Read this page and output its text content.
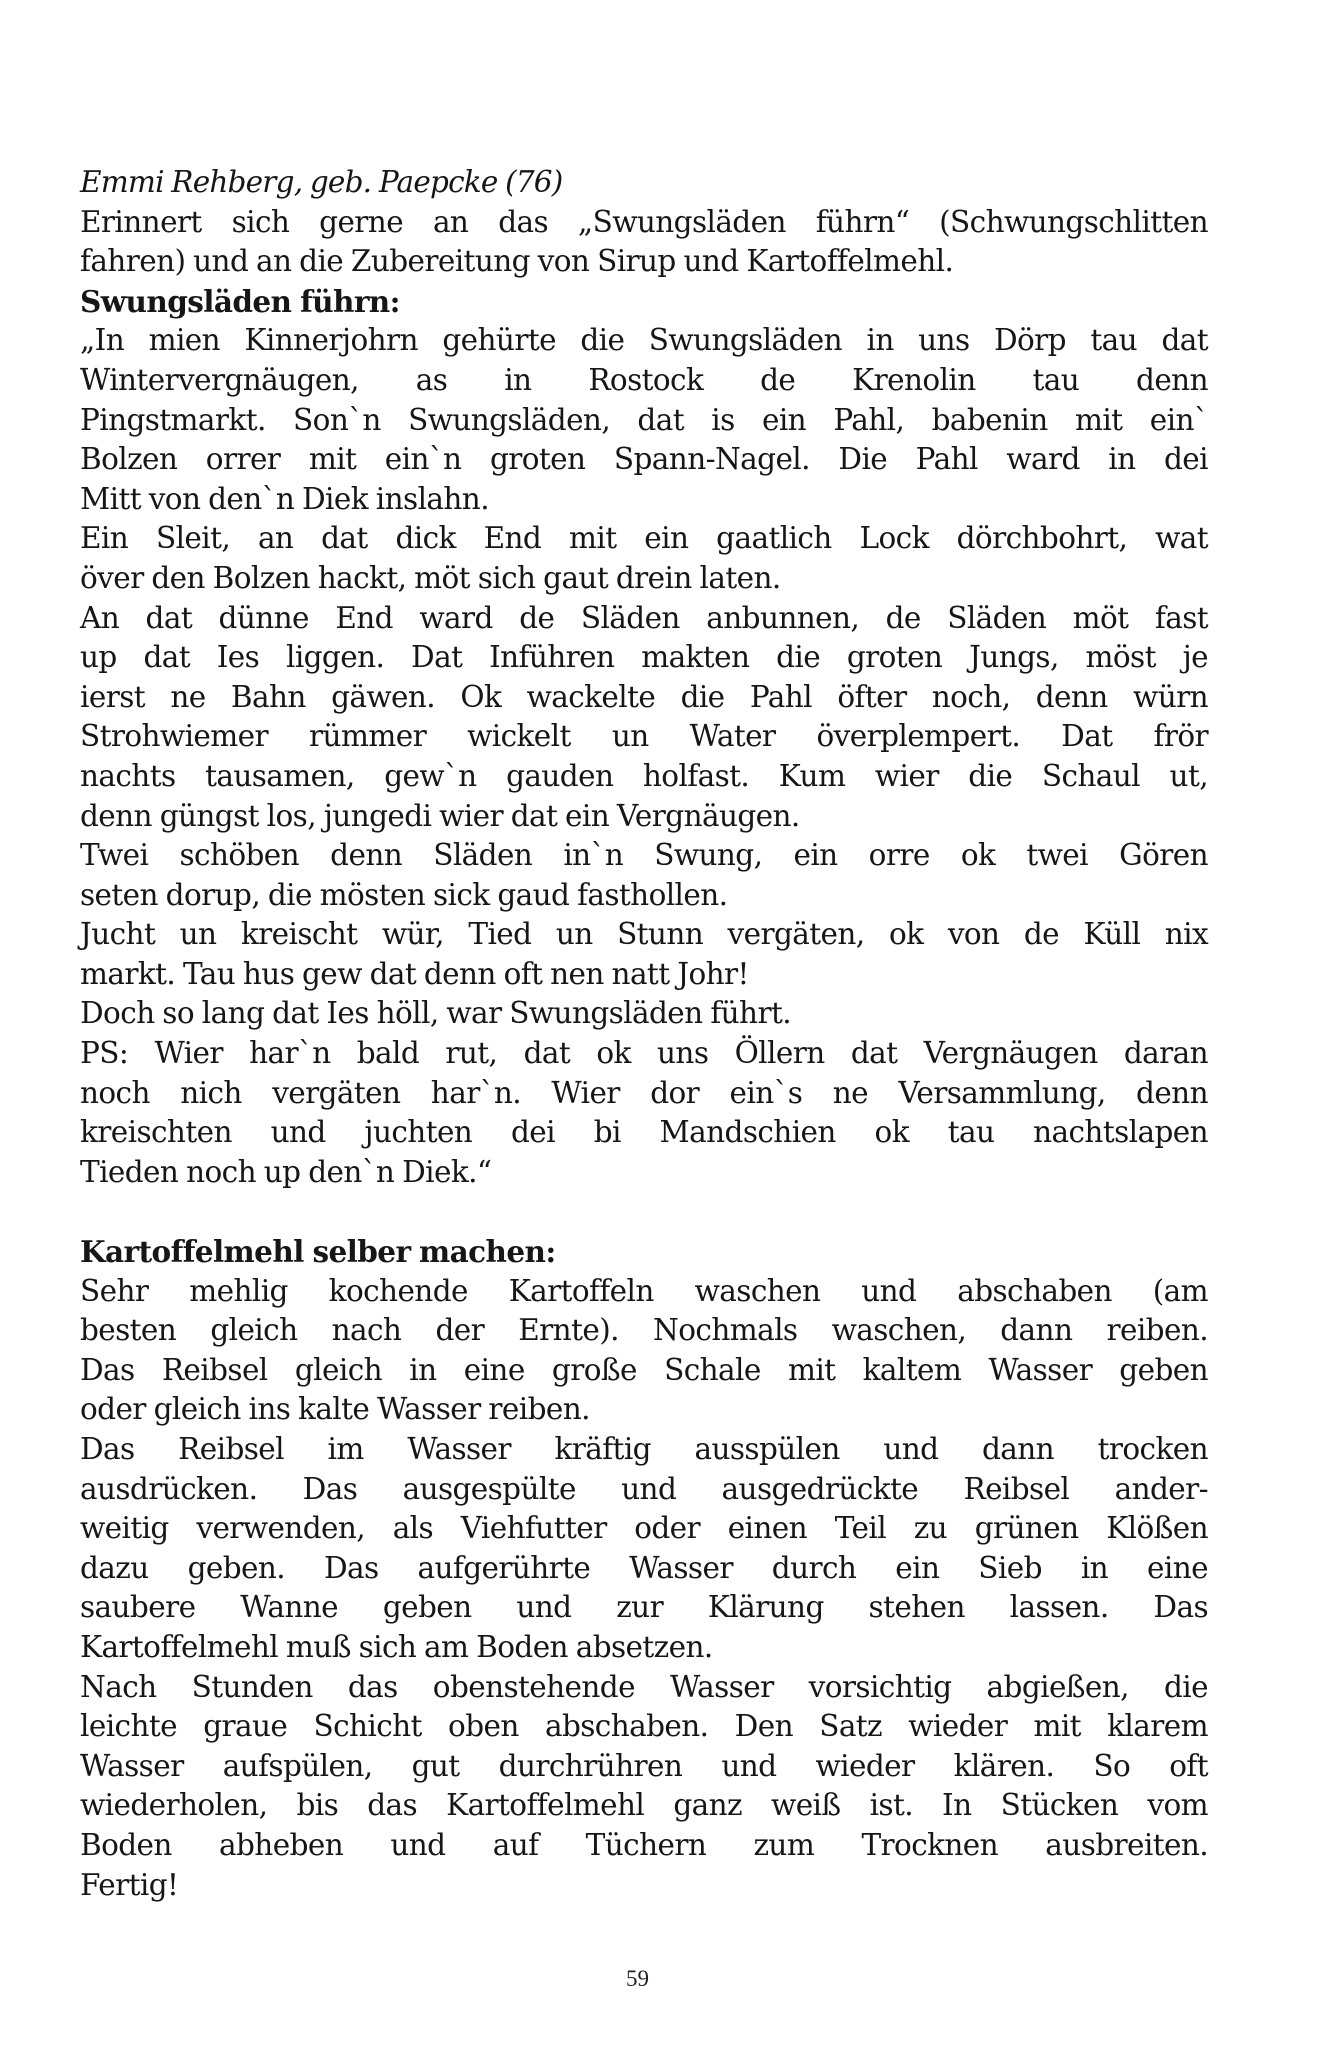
Emmi Rehberg, geb. Paepcke (76)
Erinnert sich gerne an das „Swungsläden führn“ (Schwungschlitten
fahren) und an die Zubereitung von Sirup und Kartoffelmehl.
Swungsläden führn:
„In mien Kinnerjohrn gehürte die Swungsläden in uns Dörp tau dat
Wintervergnäugen, as in Rostock de Krenolin tau denn
Pingstmarkt. Son`n Swungsläden, dat is ein Pahl, babenin mit ein`
Bolzen orrer mit ein`n groten Spann-Nagel. Die Pahl ward in dei
Mitt von den`n Diek inslahn.
Ein Sleit, an dat dick End mit ein gaatlich Lock dörchbohrt, wat
över den Bolzen hackt, möt sich gaut drein laten.
An dat dünne End ward de Släden anbunnen, de Släden möt fast
up dat Ies liggen. Dat Inführen makten die groten Jungs, möst je
ierst ne Bahn gäwen. Ok wackelte die Pahl öfter noch, denn würn
Strohwiemer rümmer wickelt un Water överplempert. Dat frör
nachts tausamen, gew`n gauden holfast. Kum wier die Schaul ut,
denn güngst los, jungedi wier dat ein Vergnäugen.
Twei schöben denn Släden in`n Swung, ein orre ok twei Gören
seten dorup, die mösten sick gaud fasthollen.
Jucht un kreischt wür, Tied un Stunn vergäten, ok von de Küll nix
markt. Tau hus gew dat denn oft nen natt Johr!
Doch so lang dat Ies höll, war Swungsläden führt.
PS: Wier har`n bald rut, dat ok uns Öllern dat Vergnäugen daran
noch nich vergäten har`n. Wier dor ein`s ne Versammlung, denn
kreischten und juchten dei bi Mandschien ok tau nachtslapen
Tieden noch up den`n Diek.“
Kartoffelmehl selber machen:
Sehr mehlig kochende Kartoffeln waschen und abschaben (am
besten gleich nach der Ernte). Nochmals waschen, dann reiben.
Das Reibsel gleich in eine große Schale mit kaltem Wasser geben
oder gleich ins kalte Wasser reiben.
Das Reibsel im Wasser kräftig ausspülen und dann trocken
ausdrücken. Das ausgespülte und ausgedrückte Reibsel ander-
weitig verwenden, als Viehfutter oder einen Teil zu grünen Klößen
dazu geben. Das aufgerührte Wasser durch ein Sieb in eine
saubere Wanne geben und zur Klärung stehen lassen. Das
Kartoffelmehl muß sich am Boden absetzen.
Nach Stunden das obenstehende Wasser vorsichtig abgießen, die
leichte graue Schicht oben abschaben. Den Satz wieder mit klarem
Wasser aufspülen, gut durchrühren und wieder klären. So oft
wiederholen, bis das Kartoffelmehl ganz weiß ist. In Stücken vom
Boden abheben und auf Tüchern zum Trocknen ausbreiten.
Fertig!
59
